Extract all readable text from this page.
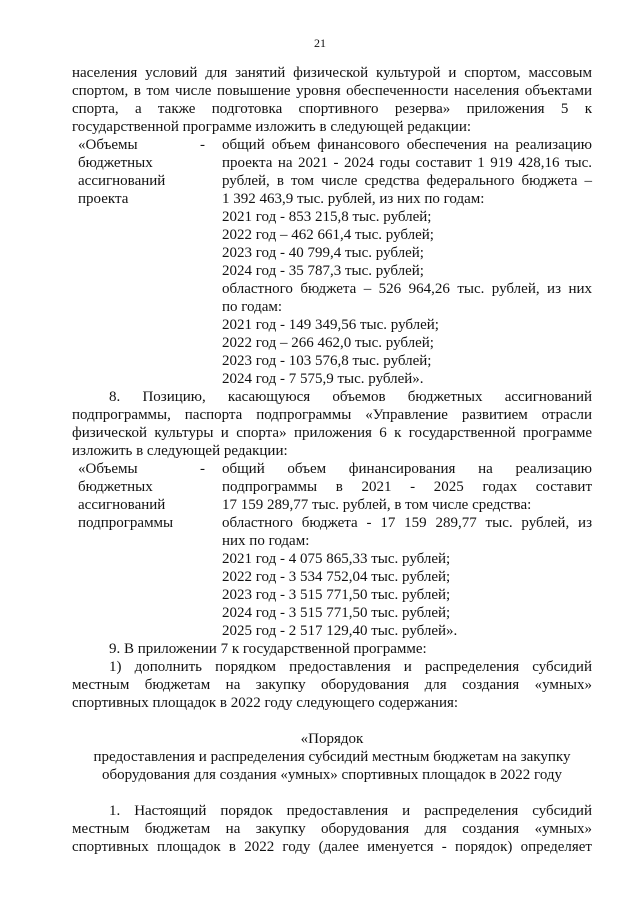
21
населения условий для занятий физической культурой и спортом, массовым
спортом, в том числе повышение уровня обеспеченности населения объектами
спорта, а также подготовка спортивного резерва» приложения 5 к
государственной программе изложить в следующей редакции:
«Объемы
бюджетных
ассигнований
проекта
-	общий объем финансового обеспечения на реализацию
проекта на 2021 - 2024 годы составит 1 919 428,16 тыс.
рублей, в том числе средства федерального бюджета –
1 392 463,9 тыс. рублей, из них по годам:
2021 год - 853 215,8 тыс. рублей;
2022 год – 462 661,4 тыс. рублей;
2023 год - 40 799,4 тыс. рублей;
2024 год - 35 787,3 тыс. рублей;
областного бюджета – 526 964,26 тыс. рублей, из них
по годам:
2021 год - 149 349,56 тыс. рублей;
2022 год – 266 462,0 тыс. рублей;
2023 год - 103 576,8 тыс. рублей;
2024 год - 7 575,9 тыс. рублей».
8. Позицию, касающуюся объемов бюджетных ассигнований
подпрограммы, паспорта подпрограммы «Управление развитием отрасли
физической культуры и спорта» приложения 6 к государственной программе
изложить в следующей редакции:
«Объемы
бюджетных
ассигнований
подпрограммы
-	общий объем финансирования на реализацию
подпрограммы в 2021 - 2025 годах составит
17 159 289,77 тыс. рублей, в том числе средства:
областного бюджета - 17 159 289,77 тыс. рублей, из
них по годам:
2021 год - 4 075 865,33 тыс. рублей;
2022 год - 3 534 752,04 тыс. рублей;
2023 год - 3 515 771,50 тыс. рублей;
2024 год - 3 515 771,50 тыс. рублей;
2025 год - 2 517 129,40 тыс. рублей».
9. В приложении 7 к государственной программе:
1) дополнить порядком предоставления и распределения субсидий
местным бюджетам на закупку оборудования для создания «умных»
спортивных площадок в 2022 году следующего содержания:
«Порядок
предоставления и распределения субсидий местным бюджетам на закупку
оборудования для создания «умных» спортивных площадок в 2022 году
1. Настоящий порядок предоставления и распределения субсидий
местным бюджетам на закупку оборудования для создания «умных»
спортивных площадок в 2022 году (далее именуется - порядок) определяет
